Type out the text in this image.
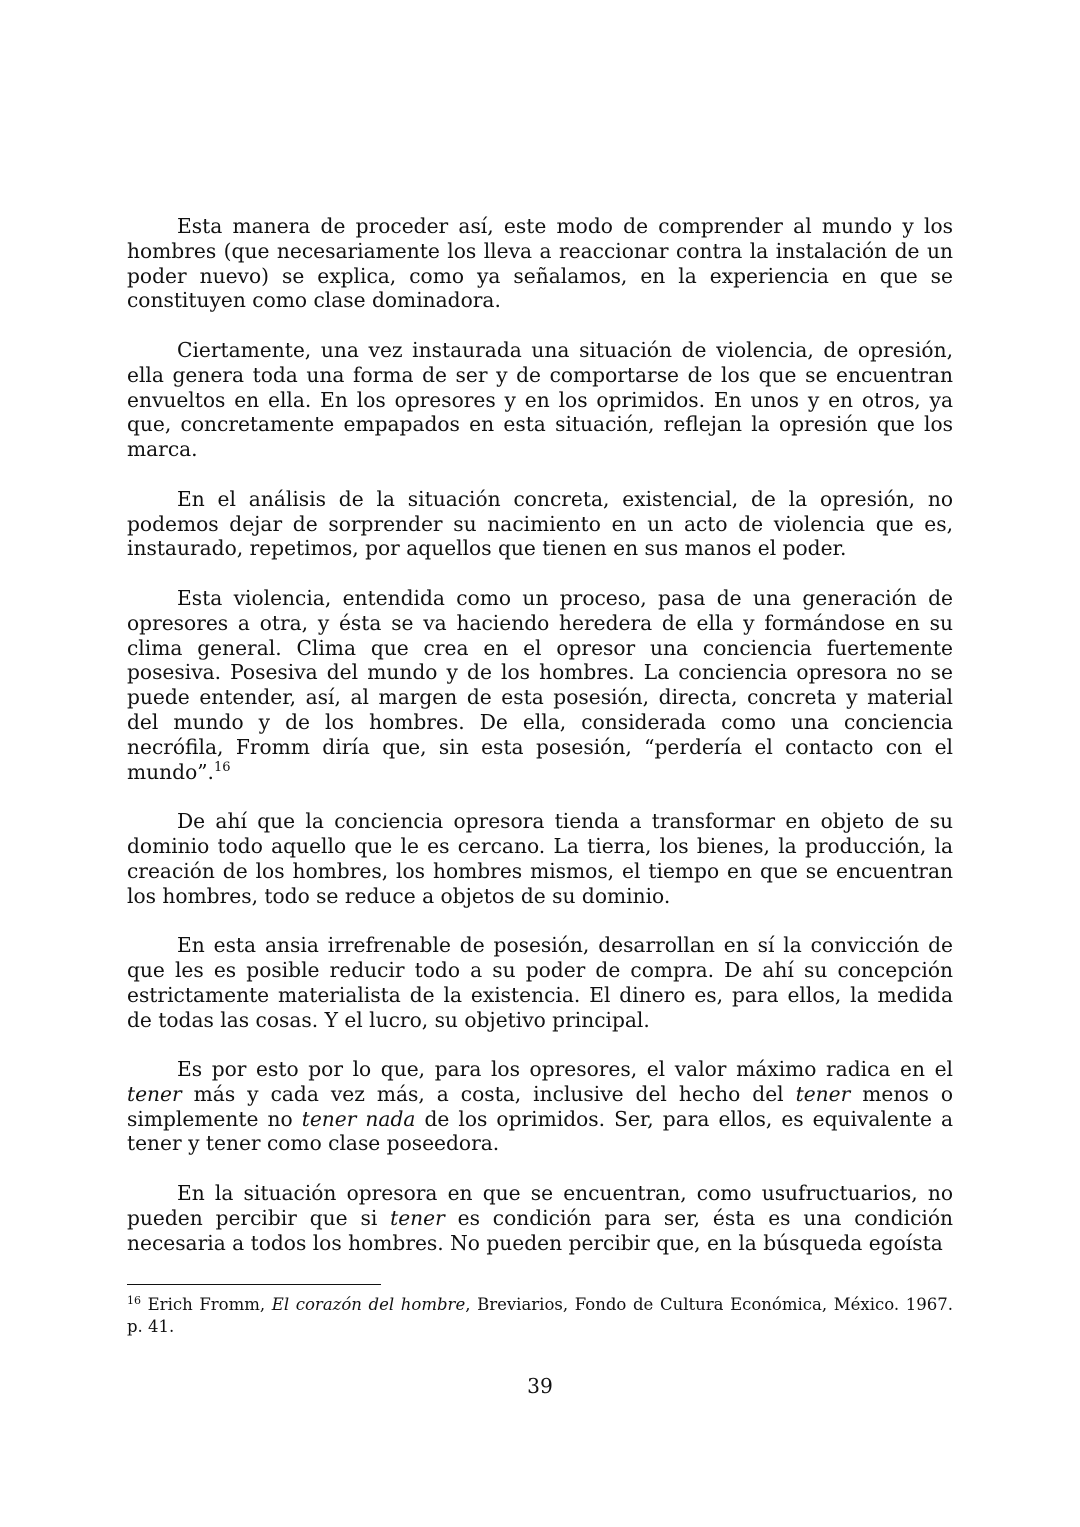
Esta manera de proceder así, este modo de comprender al mundo y los hombres (que necesariamente los lleva a reaccionar contra la instalación de un poder nuevo) se explica, como ya señalamos, en la experiencia en que se constituyen como clase dominadora.

Ciertamente, una vez instaurada una situación de violencia, de opresión, ella genera toda una forma de ser y de comportarse de los que se encuentran envueltos en ella. En los opresores y en los oprimidos. En unos y en otros, ya que, concretamente empapados en esta situación, reflejan la opresión que los marca.

En el análisis de la situación concreta, existencial, de la opresión, no podemos dejar de sorprender su nacimiento en un acto de violencia que es, instaurado, repetimos, por aquellos que tienen en sus manos el poder.

Esta violencia, entendida como un proceso, pasa de una generación de opresores a otra, y ésta se va haciendo heredera de ella y formándose en su clima general. Clima que crea en el opresor una conciencia fuertemente posesiva. Posesiva del mundo y de los hombres. La conciencia opresora no se puede entender, así, al margen de esta posesión, directa, concreta y material del mundo y de los hombres. De ella, considerada como una conciencia necrófila, Fromm diría que, sin esta posesión, “perdería el contacto con el mundo”.$^{16}$

De ahí que la conciencia opresora tienda a transformar en objeto de su dominio todo aquello que le es cercano. La tierra, los bienes, la producción, la creación de los hombres, los hombres mismos, el tiempo en que se encuentran los hombres, todo se reduce a objetos de su dominio.

En esta ansia irrefrenable de posesión, desarrollan en sí la convicción de que les es posible reducir todo a su poder de compra. De ahí su concepción estrictamente materialista de la existencia. El dinero es, para ellos, la medida de todas las cosas. Y el lucro, su objetivo principal.

Es por esto por lo que, para los opresores, el valor máximo radica en el tener más y cada vez más, a costa, inclusive del hecho del tener menos o simplemente no tener nada de los oprimidos. Ser, para ellos, es equivalente a tener y tener como clase poseedora.

En la situación opresora en que se encuentran, como usufructuarios, no pueden percibir que si tener es condición para ser, ésta es una condición necesaria a todos los hombres. No pueden percibir que, en la búsqueda egoísta

$^{16}$ Erich Fromm, El corazón del hombre, Breviarios, Fondo de Cultura Económica, México. 1967. p. 41.

39
